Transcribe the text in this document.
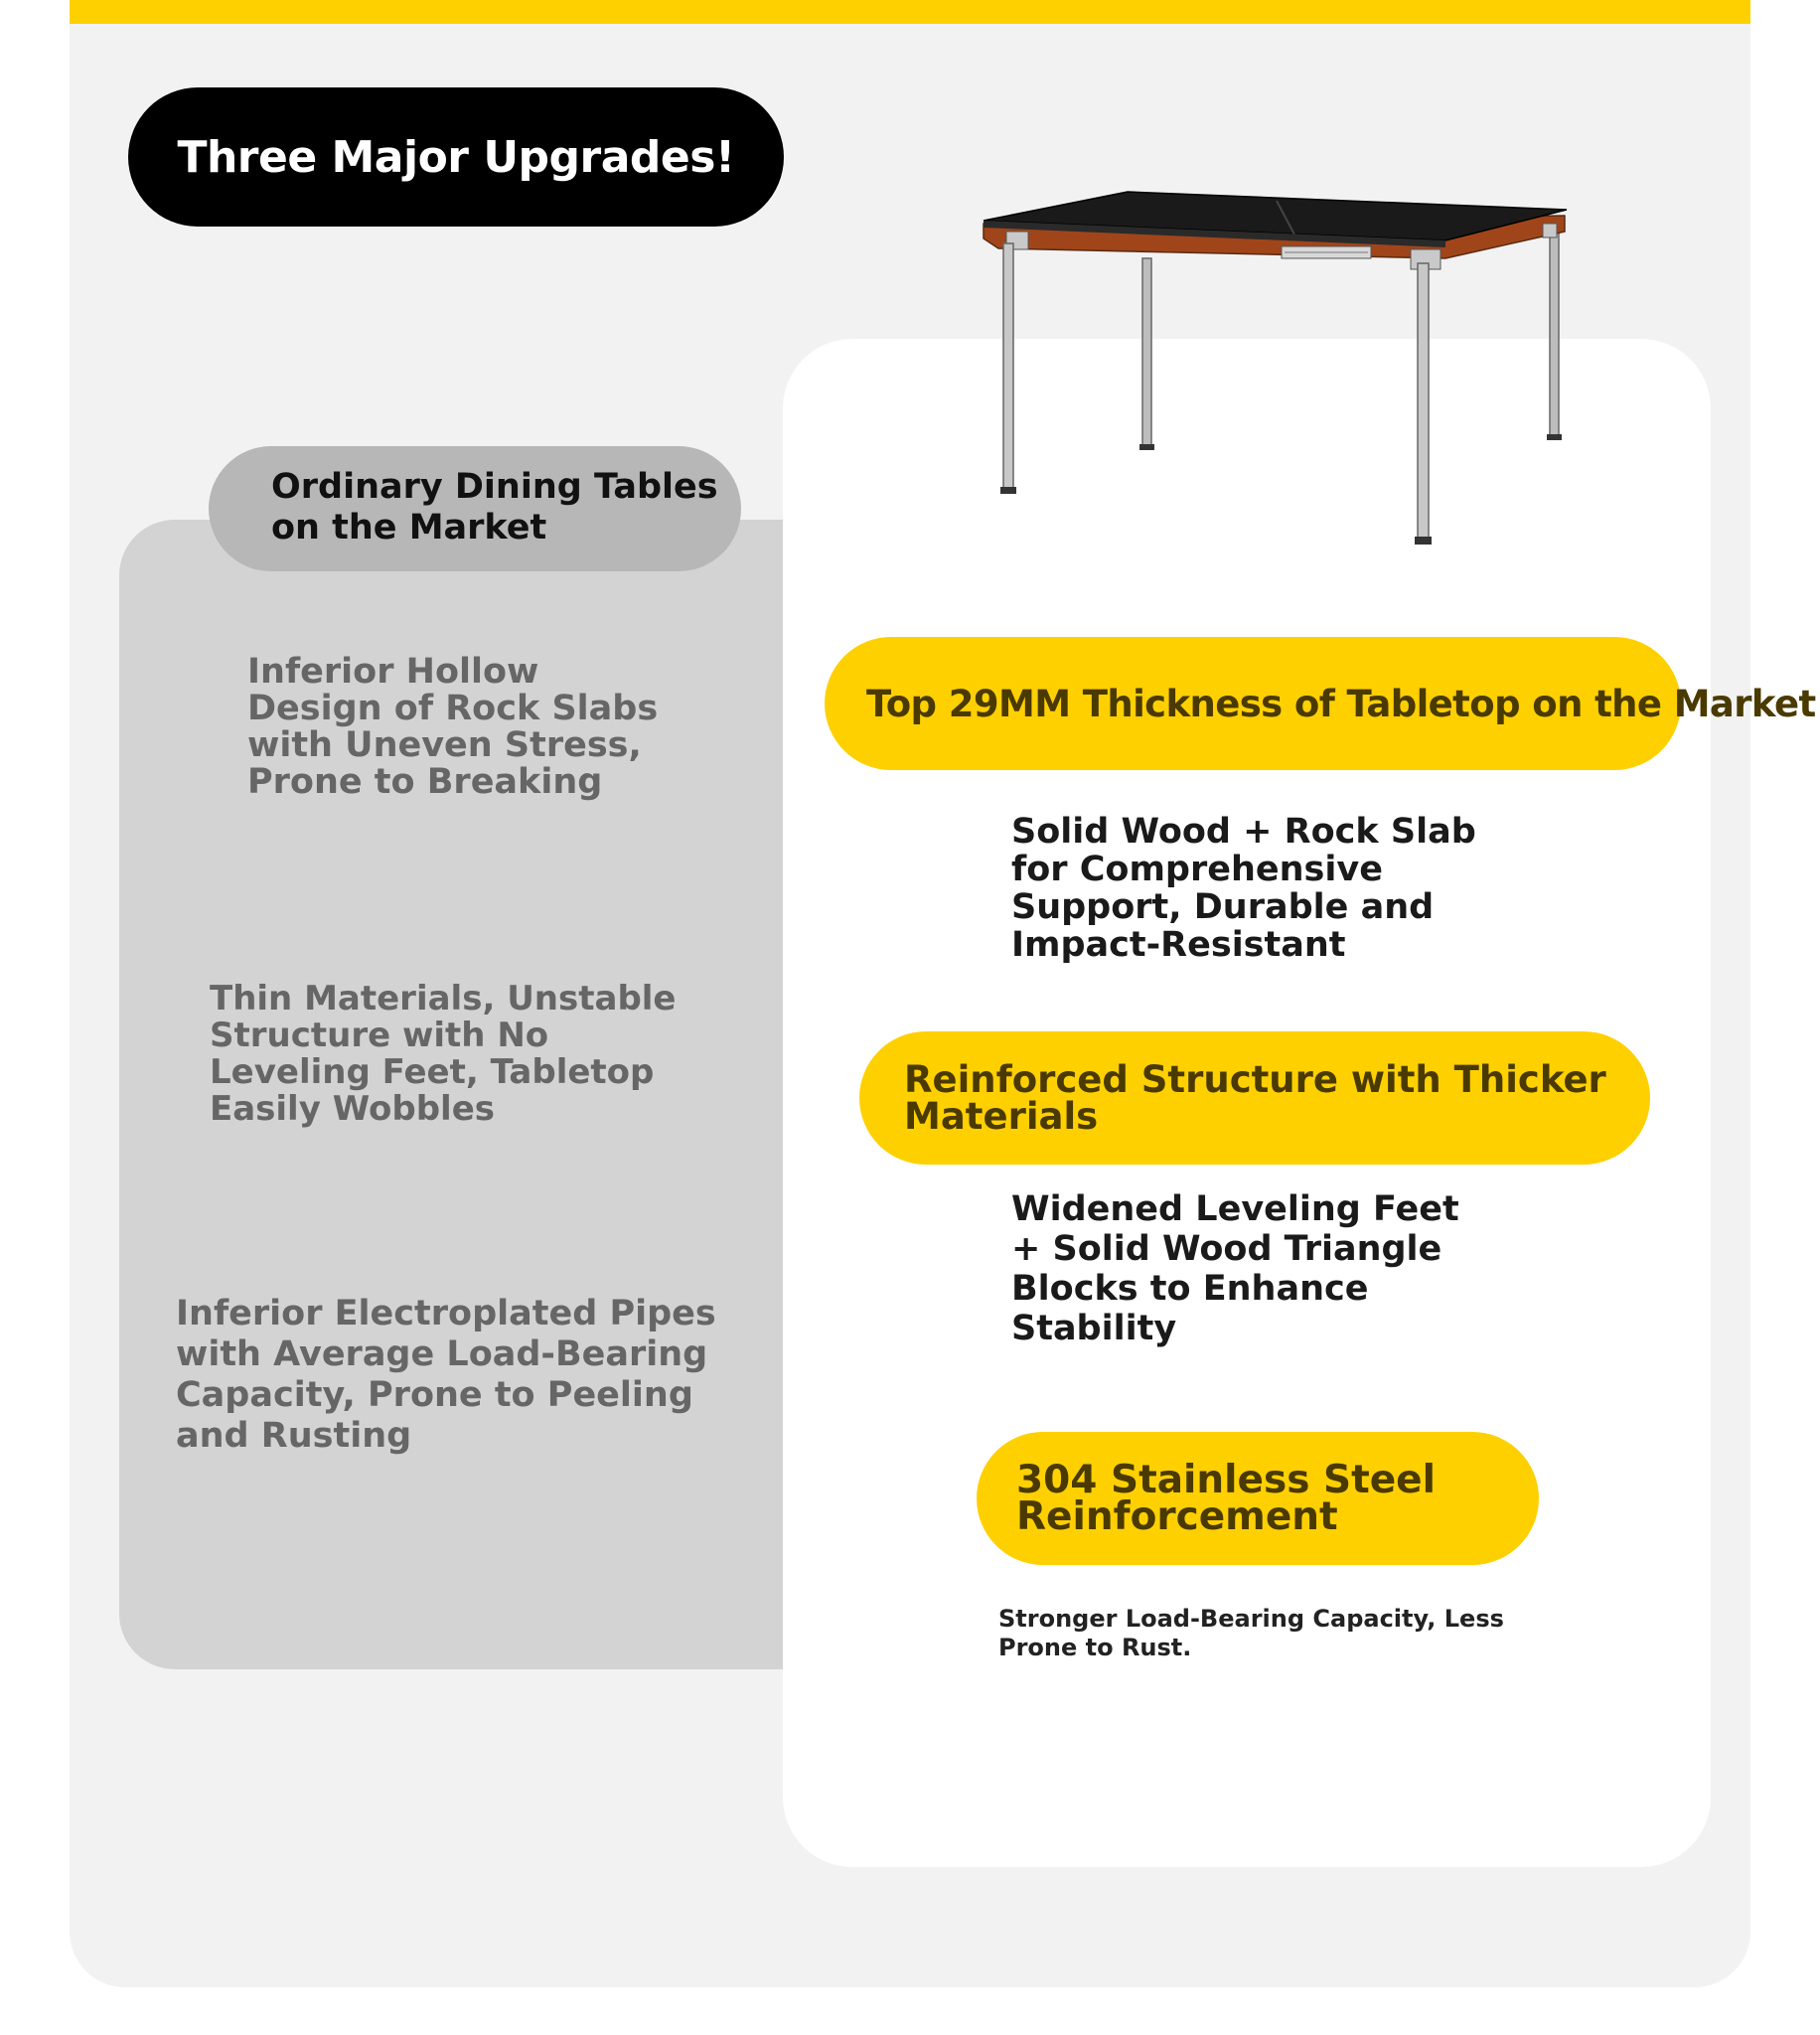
Three Major Upgrades!
Ordinary Dining Tables on the Market
Inferior Hollow Design of Rock Slabs with Uneven Stress, Prone to Breaking
Thin Materials, Unstable Structure with No Leveling Feet, Tabletop Easily Wobbles
Inferior Electroplated Pipes with Average Load-Bearing Capacity, Prone to Peeling and Rusting
Top 29MM Thickness of Tabletop on the Market
Solid Wood + Rock Slab for Comprehensive Support, Durable and Impact-Resistant
Reinforced Structure with Thicker Materials
Widened Leveling Feet + Solid Wood Triangle Blocks to Enhance Stability
304 Stainless Steel Reinforcement
Stronger Load-Bearing Capacity, Less Prone to Rust.
